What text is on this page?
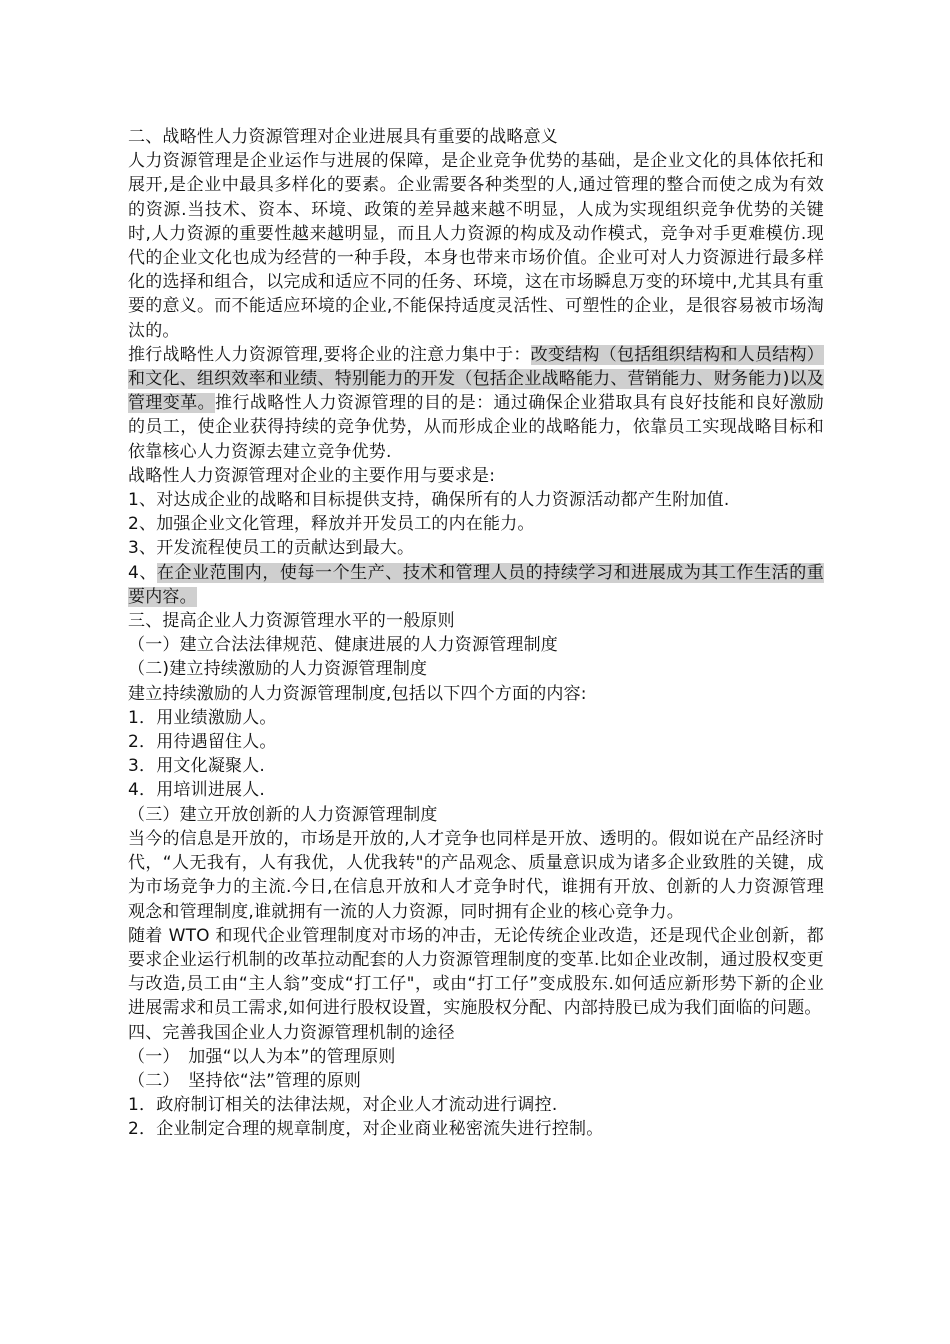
二、战略性人力资源管理对企业进展具有重要的战略意义

人力资源管理是企业运作与进展的保障，是企业竞争优势的基础，是企业文化的具体依托和展开,是企业中最具多样化的要素。企业需要各种类型的人,通过管理的整合而使之成为有效的资源.当技术、资本、环境、政策的差异越来越不明显，人成为实现组织竞争优势的关键时,人力资源的重要性越来越明显，而且人力资源的构成及动作模式，竞争对手更难模仿.现代的企业文化也成为经营的一种手段，本身也带来市场价值。企业可对人力资源进行最多样化的选择和组合，以完成和适应不同的任务、环境，这在市场瞬息万变的环境中,尤其具有重要的意义。而不能适应环境的企业,不能保持适度灵活性、可塑性的企业，是很容易被市场淘汰的。

推行战略性人力资源管理,要将企业的注意力集中于：改变结构（包括组织结构和人员结构）和文化、组织效率和业绩、特别能力的开发（包括企业战略能力、营销能力、财务能力)以及管理变革。推行战略性人力资源管理的目的是：通过确保企业猎取具有良好技能和良好激励的员工，使企业获得持续的竞争优势，从而形成企业的战略能力，依靠员工实现战略目标和依靠核心人力资源去建立竞争优势.

战略性人力资源管理对企业的主要作用与要求是:

1、对达成企业的战略和目标提供支持，确保所有的人力资源活动都产生附加值.

2、加强企业文化管理，释放并开发员工的内在能力。

3、开发流程使员工的贡献达到最大。

4、在企业范围内，使每一个生产、技术和管理人员的持续学习和进展成为其工作生活的重要内容。

三、提高企业人力资源管理水平的一般原则

（一）建立合法法律规范、健康进展的人力资源管理制度

（二)建立持续激励的人力资源管理制度

建立持续激励的人力资源管理制度,包括以下四个方面的内容:

1．用业绩激励人。

2．用待遇留住人。

3．用文化凝聚人.

4．用培训进展人.

（三）建立开放创新的人力资源管理制度

当今的信息是开放的，市场是开放的,人才竞争也同样是开放、透明的。假如说在产品经济时代，“人无我有，人有我优，人优我转"的产品观念、质量意识成为诸多企业致胜的关键，成为市场竞争力的主流.今日,在信息开放和人才竞争时代，谁拥有开放、创新的人力资源管理观念和管理制度,谁就拥有一流的人力资源，同时拥有企业的核心竞争力。

随着 WTO 和现代企业管理制度对市场的冲击，无论传统企业改造，还是现代企业创新，都要求企业运行机制的改革拉动配套的人力资源管理制度的变革.比如企业改制，通过股权变更与改造,员工由“主人翁”变成“打工仔"，或由“打工仔”变成股东.如何适应新形势下新的企业进展需求和员工需求,如何进行股权设置，实施股权分配、内部持股已成为我们面临的问题。

四、完善我国企业人力资源管理机制的途径

（一）　加强“以人为本”的管理原则

（二）　坚持依“法”管理的原则

1．政府制订相关的法律法规，对企业人才流动进行调控.

2．企业制定合理的规章制度，对企业商业秘密流失进行控制。
